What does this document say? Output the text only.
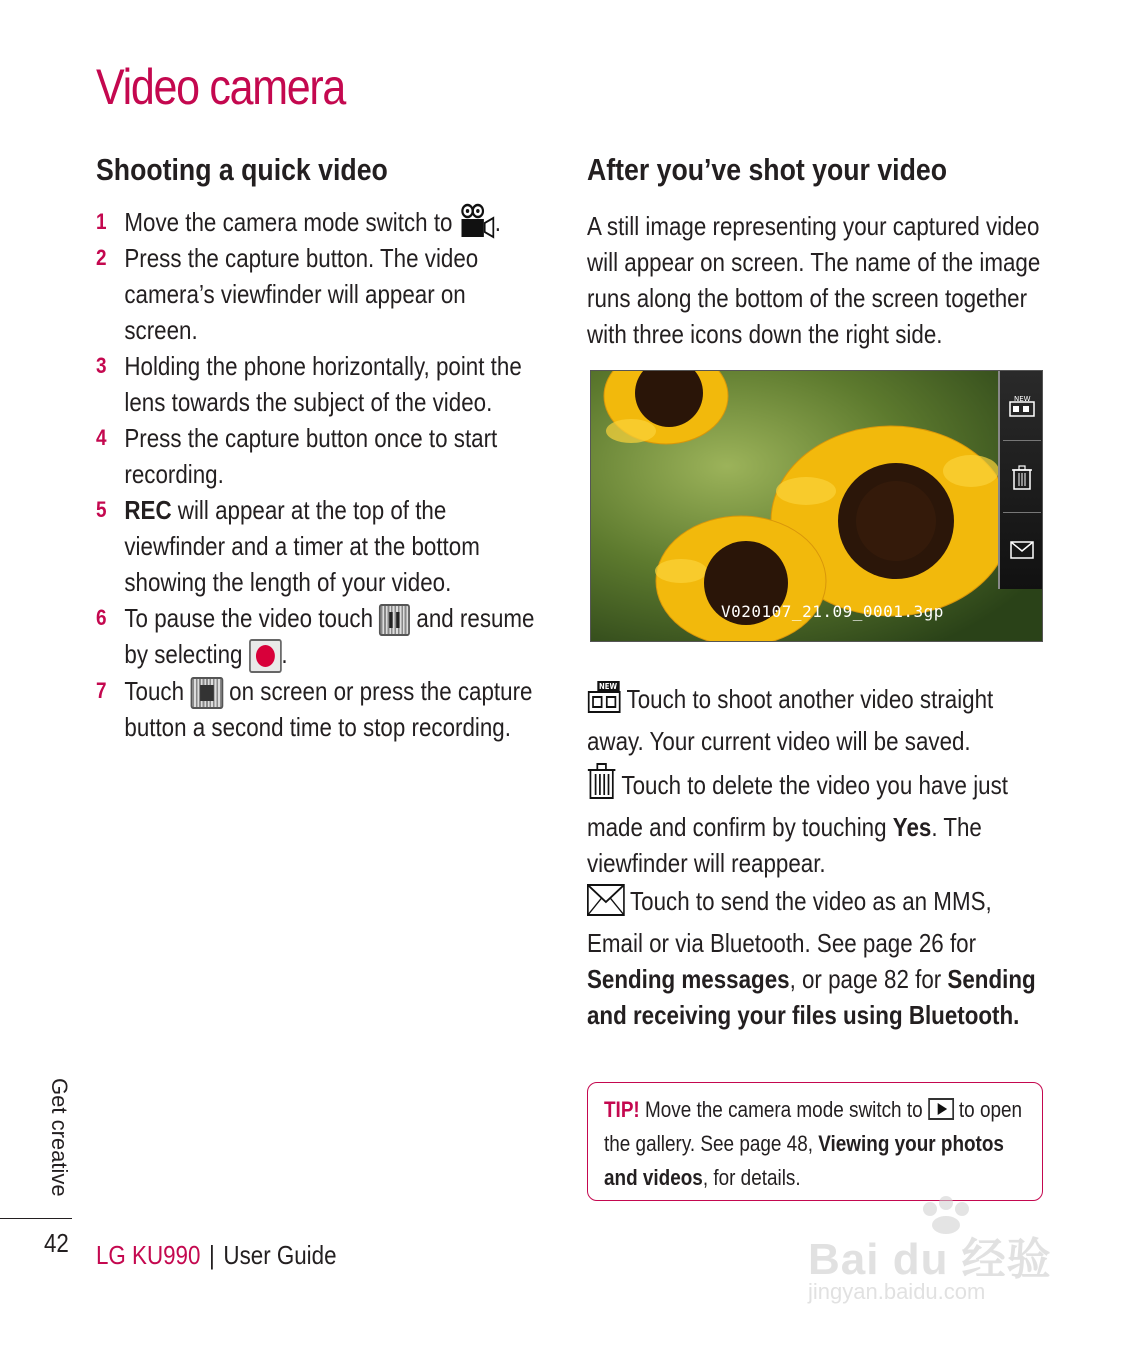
Video camera
Shooting a quick video
1 Move the camera mode switch to .
2 Press the capture button. The video camera’s viewfinder will appear on screen.
3 Holding the phone horizontally, point the lens towards the subject of the video.
4 Press the capture button once to start recording.
5 REC will appear at the top of the viewfinder and a timer at the bottom showing the length of your video.
6 To pause the video touch and resume by selecting .
7 Touch on screen or press the capture button a second time to stop recording.
After you’ve shot your video

A still image representing your captured video will appear on screen. The name of the image runs along the bottom of the screen together with three icons down the right side.

NEW
V020107_21.09_0001.3gp

NEW Touch to shoot another video straight away. Your current video will be saved.

Touch to delete the video you have just made and confirm by touching Yes. The viewfinder will reappear.

Touch to send the video as an MMS, Email or via Bluetooth. See page 26 for Sending messages, or page 82 for Sending and receiving your files using Bluetooth.

TIP! Move the camera mode switch to  to open the gallery. See page 48, Viewing your photos and videos, for details.

Get creative
42 LG KU990 | User Guide	Bai du 经验
jingyan.baidu.com
